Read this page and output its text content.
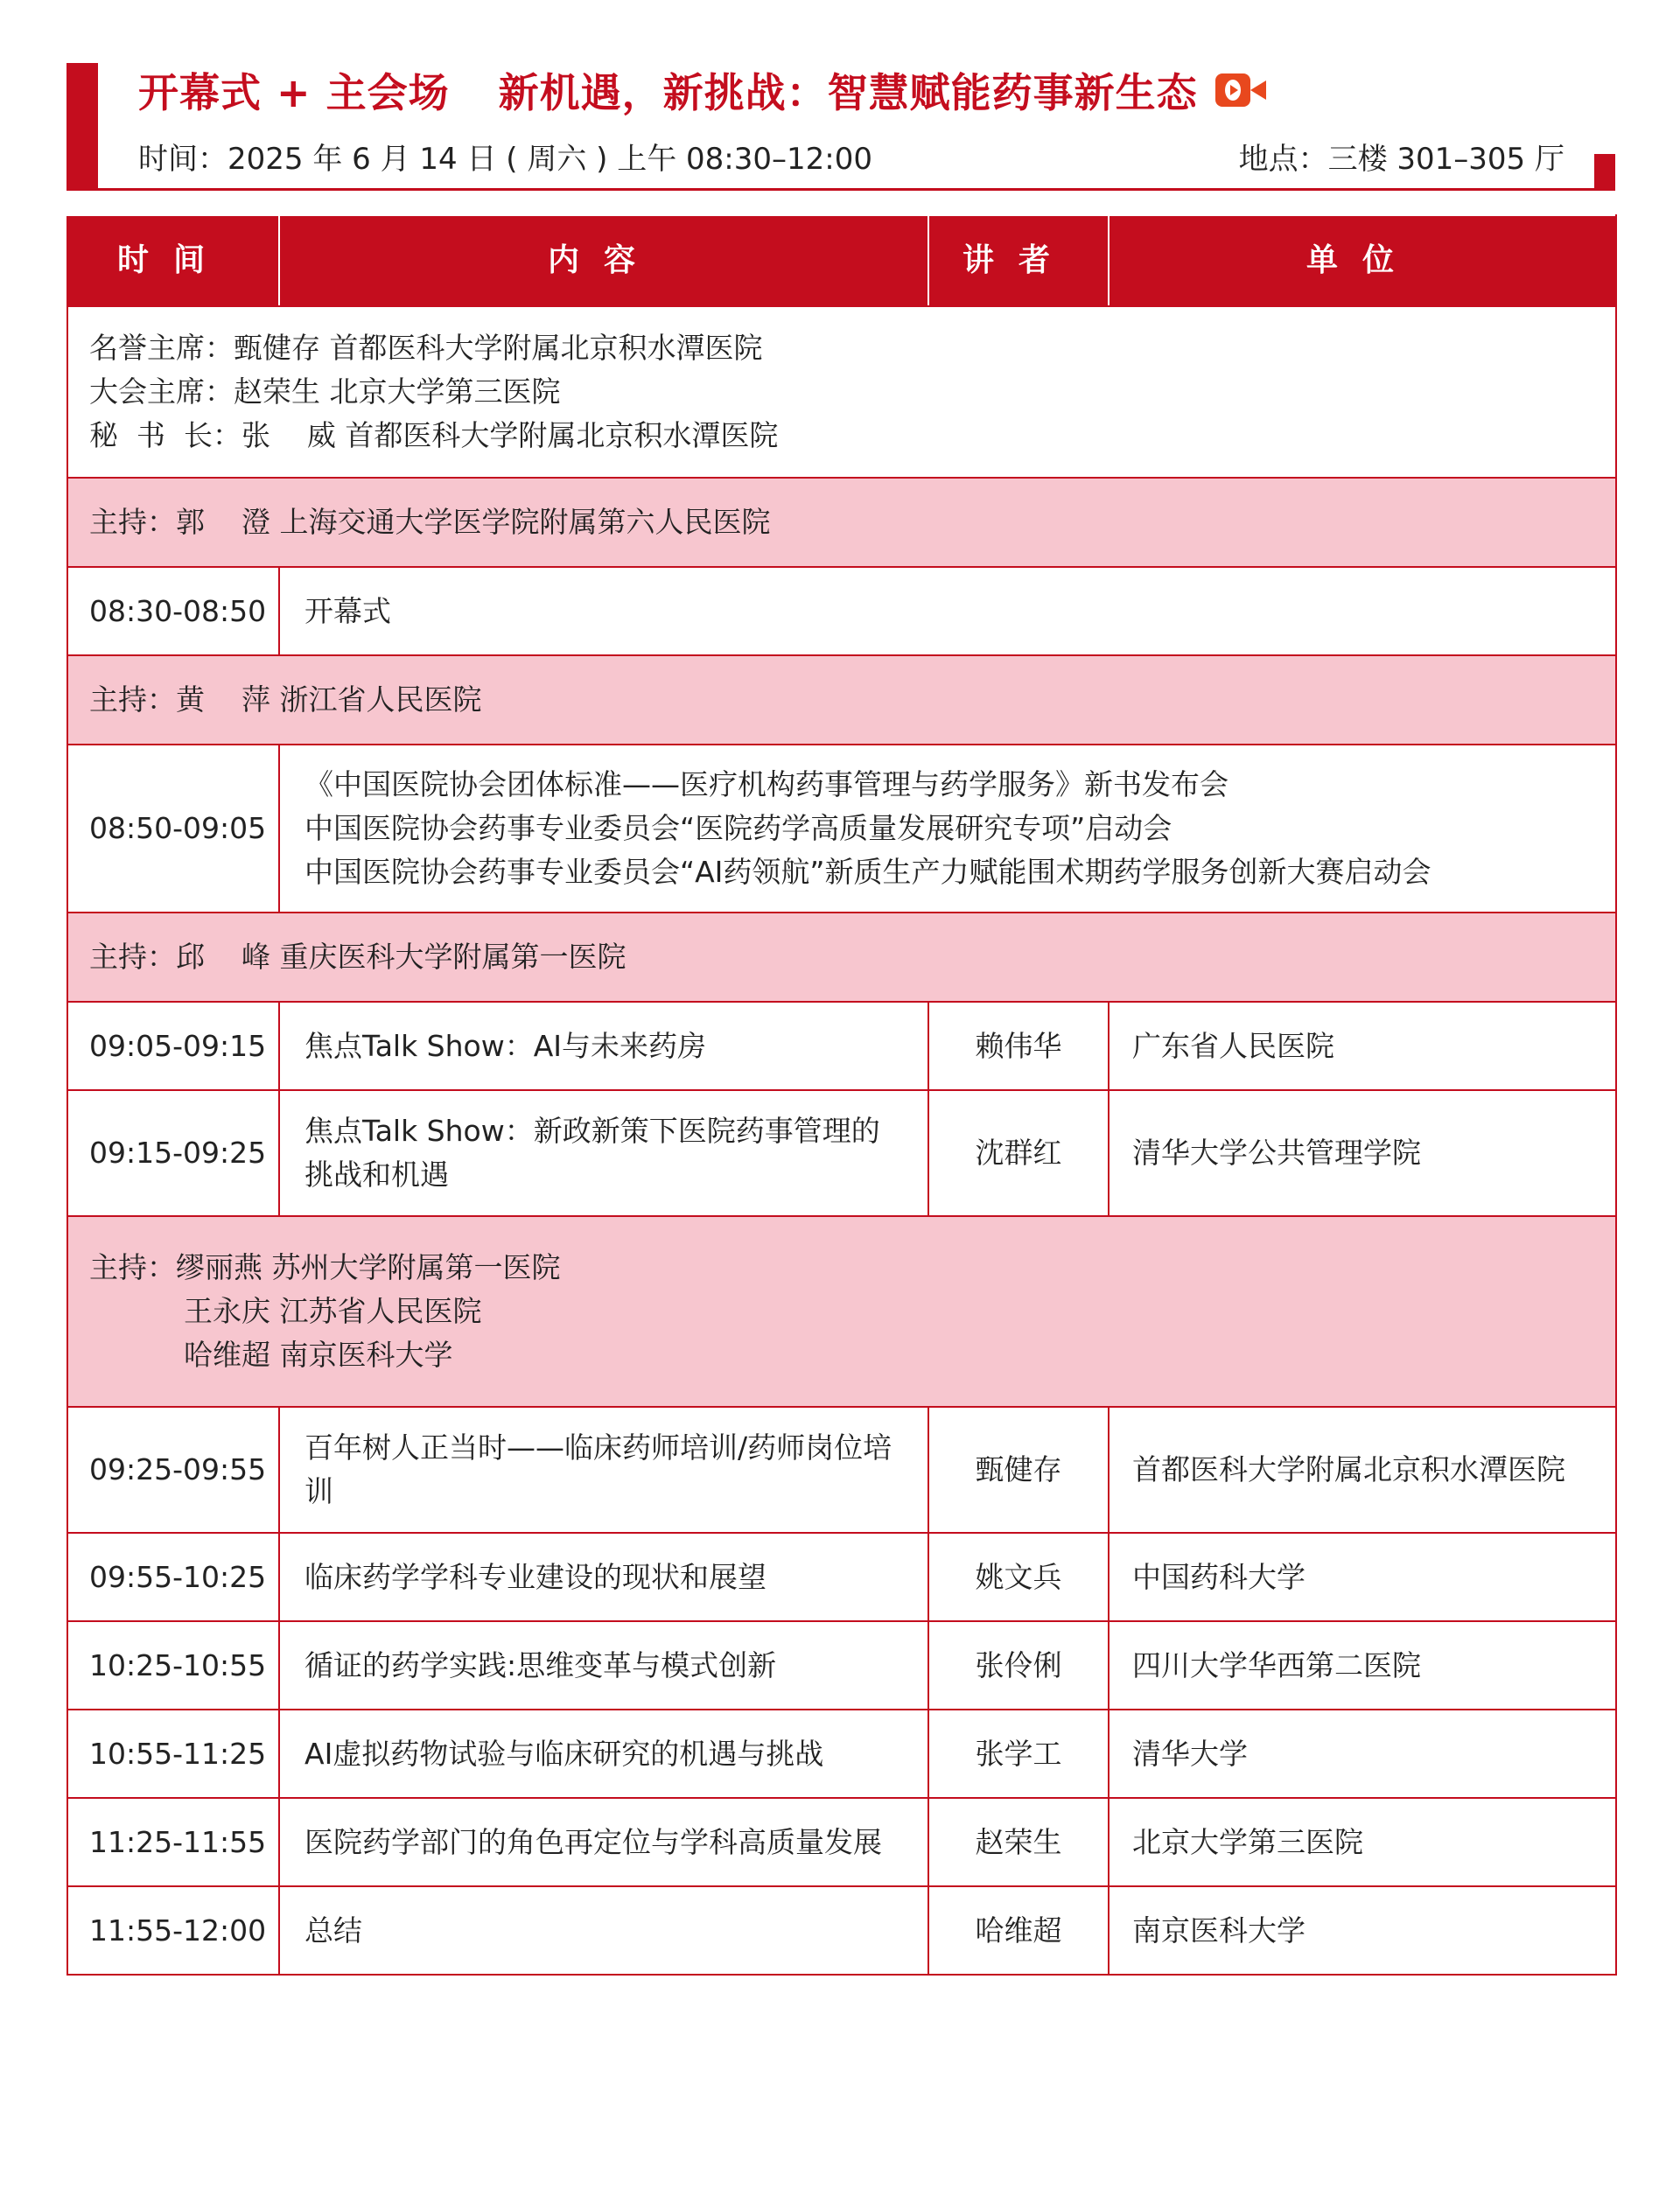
开幕式 + 主会场 新机遇，新挑战：智慧赋能药事新生态
时间：2025 年 6 月 14 日 ( 周六 ) 上午 08:30–12:00	地点：三楼 301–305 厅
时间	内容	讲者	单位

名誉主席：甄健存 首都医科大学附属北京积水潭医院
大会主席：赵荣生 北京大学第三医院
秘  书  长：张    威 首都医科大学附属北京积水潭医院			

主持：郭    澄 上海交通大学医学院附属第六人民医院			
08:30-08:50	开幕式		
主持：黄    萍 浙江省人民医院			
08:50-09:05	《中国医院协会团体标准——医疗机构药事管理与药学服务》新书发布会
中国医院协会药事专业委员会“医院药学高质量发展研究专项”启动会
中国医院协会药事专业委员会“AI药领航”新质生产力赋能围术期药学服务创新大赛启动会		

主持：邱    峰 重庆医科大学附属第一医院			
09:05-09:15	焦点Talk Show：AI与未来药房	赖伟华	广东省人民医院
09:15-09:25	焦点Talk Show：新政新策下医院药事管理的挑战和机遇	沈群红	清华大学公共管理学院

主持：缪丽燕 苏州大学附属第一医院
王永庆 江苏省人民医院
哈维超 南京医科大学			

09:25-09:55	百年树人正当时——临床药师培训/药师岗位培训	甄健存	首都医科大学附属北京积水潭医院
09:55-10:25	临床药学学科专业建设的现状和展望	姚文兵	中国药科大学
10:25-10:55	循证的药学实践:思维变革与模式创新	张伶俐	四川大学华西第二医院
10:55-11:25	AI虚拟药物试验与临床研究的机遇与挑战	张学工	清华大学
11:25-11:55	医院药学部门的角色再定位与学科高质量发展	赵荣生	北京大学第三医院
11:55-12:00	总结	哈维超	南京医科大学
